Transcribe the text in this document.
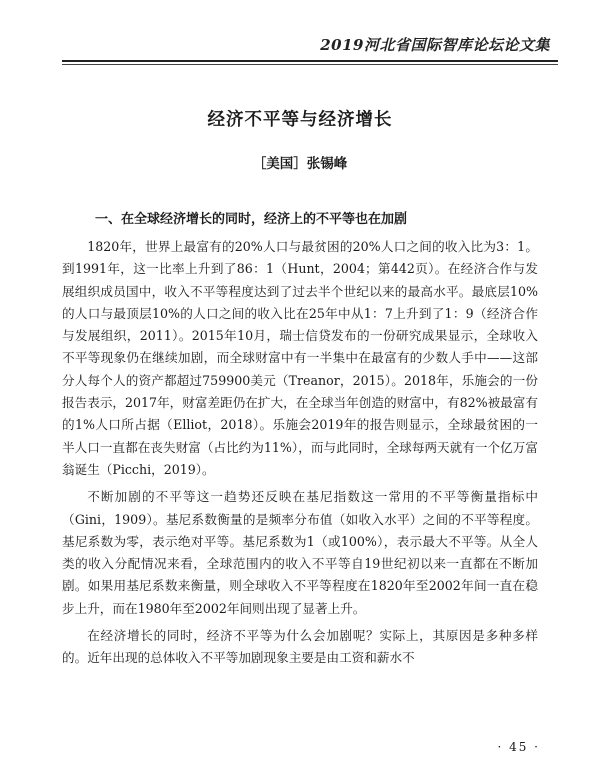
2019河北省国际智库论坛论文集
经济不平等与经济增长
［美国］张锡峰
一、在全球经济增长的同时，经济上的不平等也在加剧

1820年，世界上最富有的20%人口与最贫困的20%人口之间的收入比为3：1。到1991年，这一比率上升到了86：1（Hunt，2004；第442页）。在经济合作与发展组织成员国中，收入不平等程度达到了过去半个世纪以来的最高水平。最底层10%的人口与最顶层10%的人口之间的收入比在25年中从1：7上升到了1：9（经济合作与发展组织，2011）。2015年10月，瑞士信贷发布的一份研究成果显示，全球收入不平等现象仍在继续加剧，而全球财富中有一半集中在最富有的少数人手中——这部分人每个人的资产都超过759900美元（Treanor，2015）。2018年，乐施会的一份报告表示，2017年，财富差距仍在扩大，在全球当年创造的财富中，有82%被最富有的1%人口所占据（Elliot，2018）。乐施会2019年的报告则显示，全球最贫困的一半人口一直都在丧失财富（占比约为11%），而与此同时，全球每两天就有一个亿万富翁诞生（Picchi，2019）。

不断加剧的不平等这一趋势还反映在基尼指数这一常用的不平等衡量指标中（Gini，1909）。基尼系数衡量的是频率分布值（如收入水平）之间的不平等程度。基尼系数为零，表示绝对平等。基尼系数为1（或100%），表示最大不平等。从全人类的收入分配情况来看，全球范围内的收入不平等自19世纪初以来一直都在不断加剧。如果用基尼系数来衡量，则全球收入不平等程度在1820年至2002年间一直在稳步上升，而在1980年至2002年间则出现了显著上升。

在经济增长的同时，经济不平等为什么会加剧呢？实际上，其原因是多种多样的。近年出现的总体收入不平等加剧现象主要是由工资和薪水不

· 45 ·
